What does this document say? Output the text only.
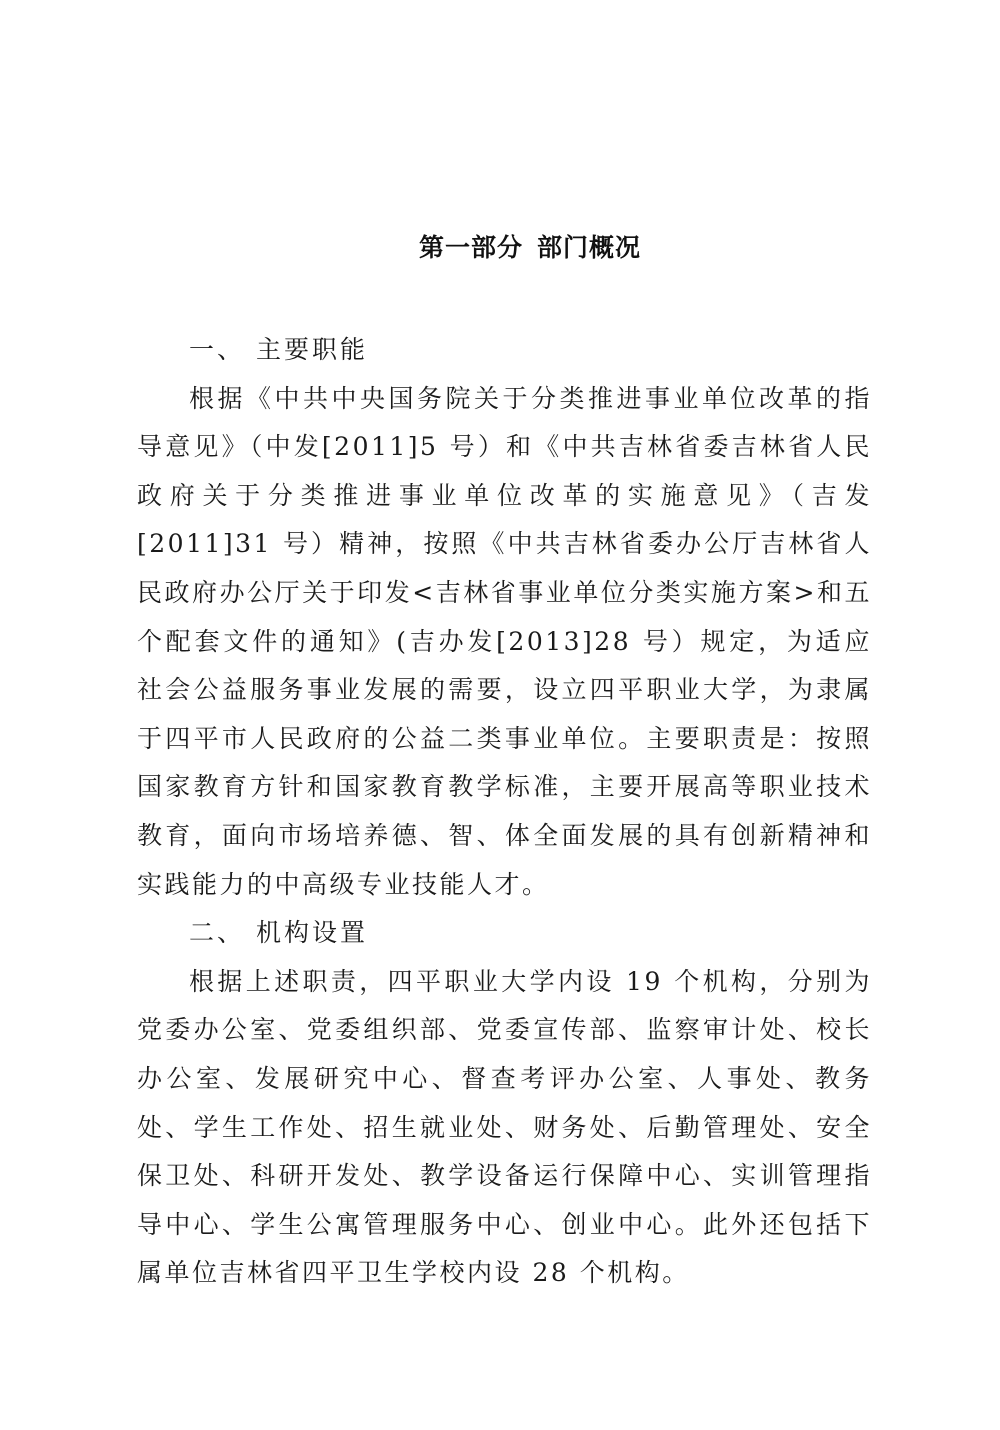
第一部分 部门概况

一、 主要职能

根据《中共中央国务院关于分类推进事业单位改革的指导意见》（中发[2011]5 号）和《中共吉林省委吉林省人民政府关于分类推进事业单位改革的实施意见》（吉发[2011]31 号）精神，按照《中共吉林省委办公厅吉林省人民政府办公厅关于印发<吉林省事业单位分类实施方案>和五个配套文件的通知》(吉办发[2013]28 号）规定，为适应社会公益服务事业发展的需要，设立四平职业大学，为隶属于四平市人民政府的公益二类事业单位。主要职责是：按照国家教育方针和国家教育教学标准，主要开展高等职业技术教育，面向市场培养德、智、体全面发展的具有创新精神和实践能力的中高级专业技能人才。

二、 机构设置

根据上述职责，四平职业大学内设 19 个机构，分别为党委办公室、党委组织部、党委宣传部、监察审计处、校长办公室、发展研究中心、督查考评办公室、人事处、教务处、学生工作处、招生就业处、财务处、后勤管理处、安全保卫处、科研开发处、教学设备运行保障中心、实训管理指导中心、学生公寓管理服务中心、创业中心。此外还包括下属单位吉林省四平卫生学校内设 28 个机构。
